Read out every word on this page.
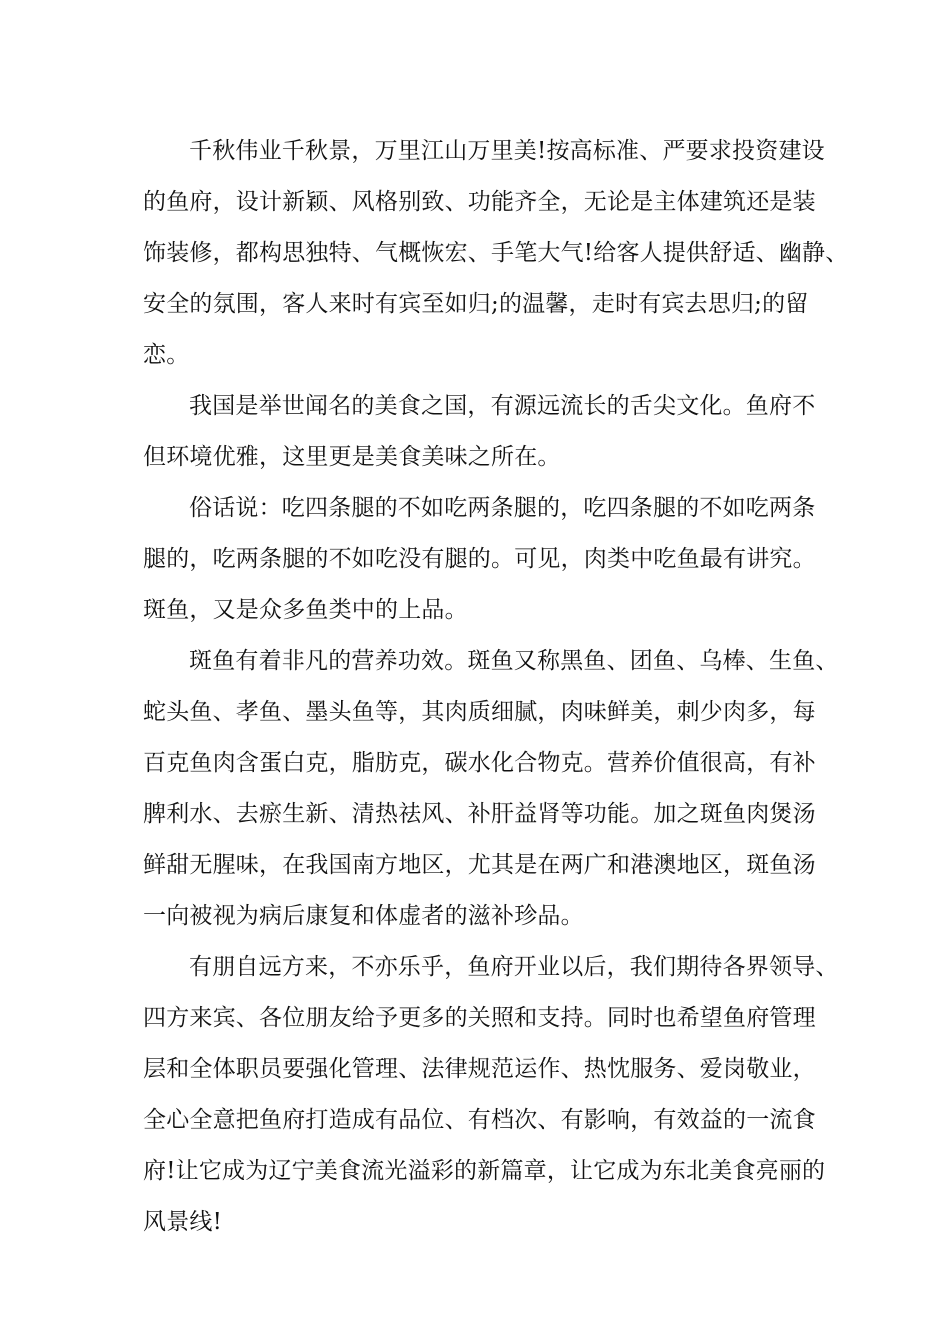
千秋伟业千秋景，万里江山万里美!按高标准、严要求投资建设
的鱼府，设计新颖、风格别致、功能齐全，无论是主体建筑还是装
饰装修，都构思独特、气概恢宏、手笔大气!给客人提供舒适、幽静、
安全的氛围，客人来时有宾至如归;的温馨，走时有宾去思归;的留
恋。
我国是举世闻名的美食之国，有源远流长的舌尖文化。鱼府不
但环境优雅，这里更是美食美味之所在。
俗话说：吃四条腿的不如吃两条腿的，吃四条腿的不如吃两条
腿的，吃两条腿的不如吃没有腿的。可见，肉类中吃鱼最有讲究。
斑鱼，又是众多鱼类中的上品。
斑鱼有着非凡的营养功效。斑鱼又称黑鱼、团鱼、乌棒、生鱼、
蛇头鱼、孝鱼、墨头鱼等，其肉质细腻，肉味鲜美，刺少肉多，每
百克鱼肉含蛋白克，脂肪克，碳水化合物克。营养价值很高，有补
脾利水、去瘀生新、清热祛风、补肝益肾等功能。加之斑鱼肉煲汤
鲜甜无腥味，在我国南方地区，尤其是在两广和港澳地区，斑鱼汤
一向被视为病后康复和体虚者的滋补珍品。
有朋自远方来，不亦乐乎，鱼府开业以后，我们期待各界领导、
四方来宾、各位朋友给予更多的关照和支持。同时也希望鱼府管理
层和全体职员要强化管理、法律规范运作、热忱服务、爱岗敬业，
全心全意把鱼府打造成有品位、有档次、有影响，有效益的一流食
府!让它成为辽宁美食流光溢彩的新篇章，让它成为东北美食亮丽的
风景线!
